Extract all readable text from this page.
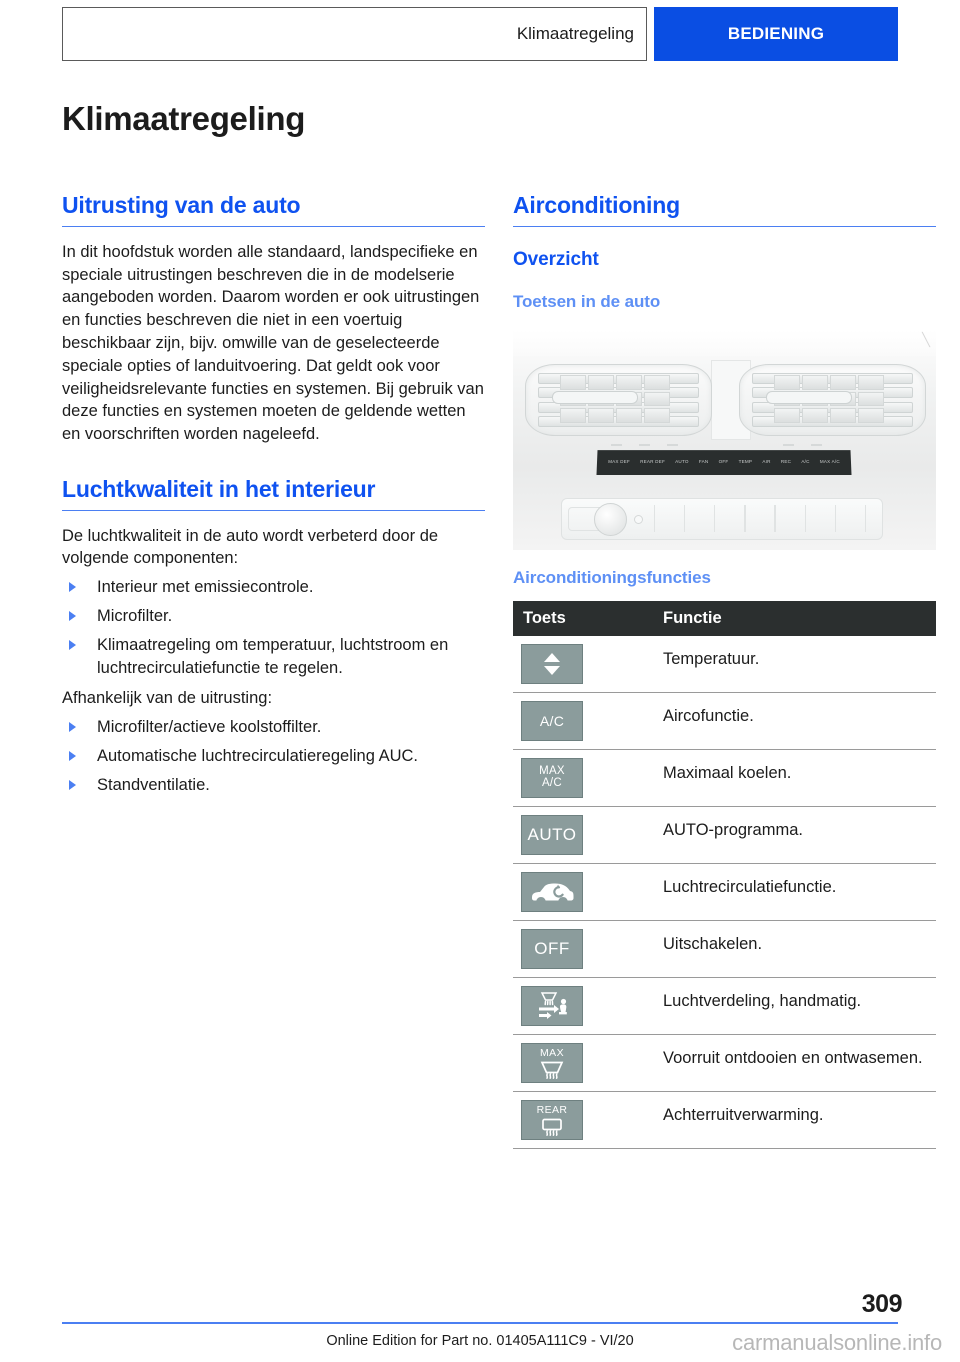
Klimaatregeling	BEDIENING
Klimaatregeling
Uitrusting van de auto

In dit hoofdstuk worden alle standaard, landspecifieke en speciale uitrustingen beschreven die in de modelserie aangeboden worden. Daarom worden er ook uitrustingen en functies beschreven die niet in een voertuig beschikbaar zijn, bijv. omwille van de geselecteerde speciale opties of landuitvoering. Dat geldt ook voor veiligheidsrelevante functies en systemen. Bij gebruik van deze functies en systemen moeten de geldende wetten en voorschriften worden nageleefd.

Luchtkwaliteit in het interieur

De luchtkwaliteit in de auto wordt verbeterd door de volgende componenten:

Interieur met emissiecontrole.
Microfilter.
Klimaatregeling om temperatuur, luchtstroom en luchtrecirculatiefunctie te regelen.

Afhankelijk van de uitrusting:

Microfilter/actieve koolstoffilter.
Automatische luchtrecirculatieregeling AUC.
Standventilatie.
Airconditioning
Overzicht
Toetsen in de auto
╲
MAX DEF REAR DEF AUTO FAN OFF TEMP AIR REC A/C MAX A/C
Airconditioningsfuncties
Toets	Functie

	Temperatuur.

A/C	Aircofunctie.

MAX
A/C	Maximaal koelen.

AUTO	AUTO-programma.

	Luchtrecirculatiefunctie.

OFF	Uitschakelen.

	Luchtverdeling, handmatig.

MAX	Voorruit ontdooien en ontwasemen.

REAR	Achterruitverwarming.
309
Online Edition for Part no. 01405A111C9 - VI/20	carmanualsonline.info
